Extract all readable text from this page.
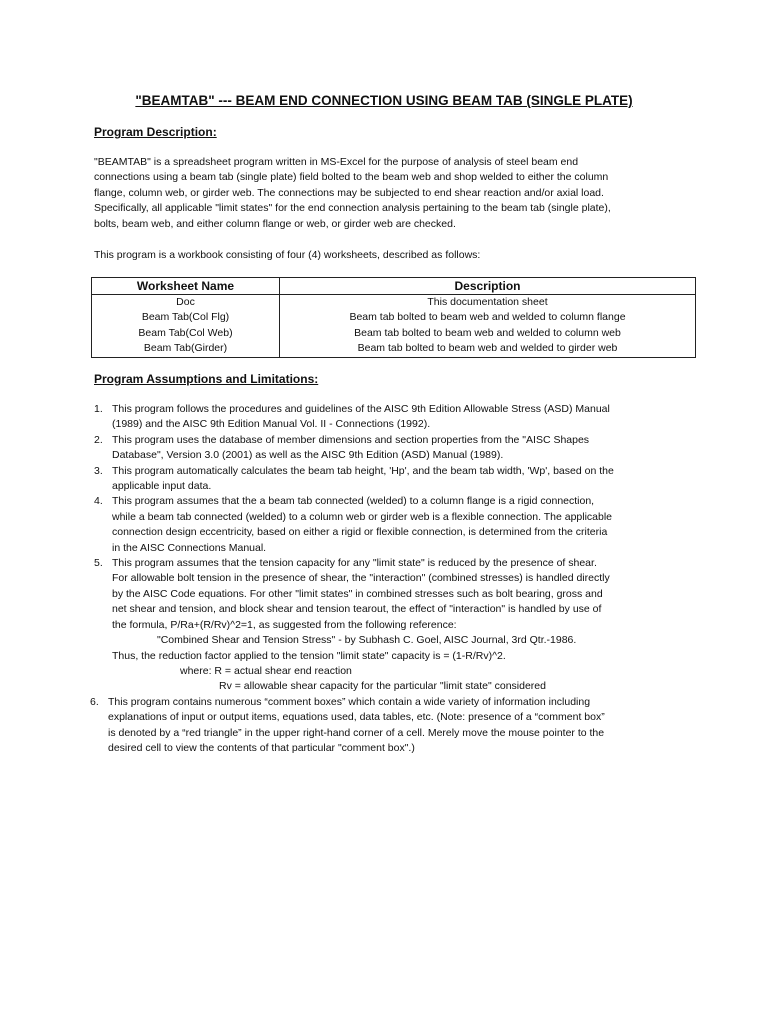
"BEAMTAB" --- BEAM END CONNECTION USING BEAM TAB (SINGLE PLATE)
Program Description:

"BEAMTAB" is a spreadsheet program written in MS-Excel for the purpose of analysis of steel beam end
connections using a beam tab (single plate) field bolted to the beam web and shop welded to either the column
flange, column web, or girder web. The connections may be subjected to end shear reaction and/or axial load.
Specifically, all applicable "limit states" for the end connection analysis pertaining to the beam tab (single plate),
bolts, beam web, and either column flange or web, or girder web are checked.

This program is a workbook consisting of four (4) worksheets, described as follows:

Worksheet Name	Description
Doc	This documentation sheet
Beam Tab(Col Flg)	Beam tab bolted to beam web and welded to column flange
Beam Tab(Col Web)	Beam tab bolted to beam web and welded to column web
Beam Tab(Girder)	Beam tab bolted to beam web and welded to girder web
Program Assumptions and Limitations:
1. This program follows the procedures and guidelines of the AISC 9th Edition Allowable Stress (ASD) Manual
(1989) and the AISC 9th Edition Manual Vol. II - Connections (1992).
2. This program uses the database of member dimensions and section properties from the "AISC Shapes
Database", Version 3.0 (2001) as well as the AISC 9th Edition (ASD) Manual (1989).
3. This program automatically calculates the beam tab height, 'Hp', and the beam tab width, 'Wp', based on the
applicable input data.
4. This program assumes that the a beam tab connected (welded) to a column flange is a rigid connection,
while a beam tab connected (welded) to a column web or girder web is a flexible connection. The applicable
connection design eccentricity, based on either a rigid or flexible connection, is determined from the criteria
in the AISC Connections Manual.
5. This program assumes that the tension capacity for any "limit state" is reduced by the presence of shear.
For allowable bolt tension in the presence of shear, the "interaction" (combined stresses) is handled directly
by the AISC Code equations. For other "limit states" in combined stresses such as bolt bearing, gross and
net shear and tension, and block shear and tension tearout, the effect of "interaction" is handled by use of
the formula, P/Ra+(R/Rv)^2=1, as suggested from the following reference:
"Combined Shear and Tension Stress" - by Subhash C. Goel, AISC Journal, 3rd Qtr.-1986.
Thus, the reduction factor applied to the tension "limit state" capacity is = (1-R/Rv)^2.
where: R = actual shear end reaction
Rv = allowable shear capacity for the particular "limit state" considered
6. This program contains numerous “comment boxes” which contain a wide variety of information including
explanations of input or output items, equations used, data tables, etc. (Note: presence of a “comment box”
is denoted by a “red triangle” in the upper right-hand corner of a cell. Merely move the mouse pointer to the
desired cell to view the contents of that particular "comment box".)
